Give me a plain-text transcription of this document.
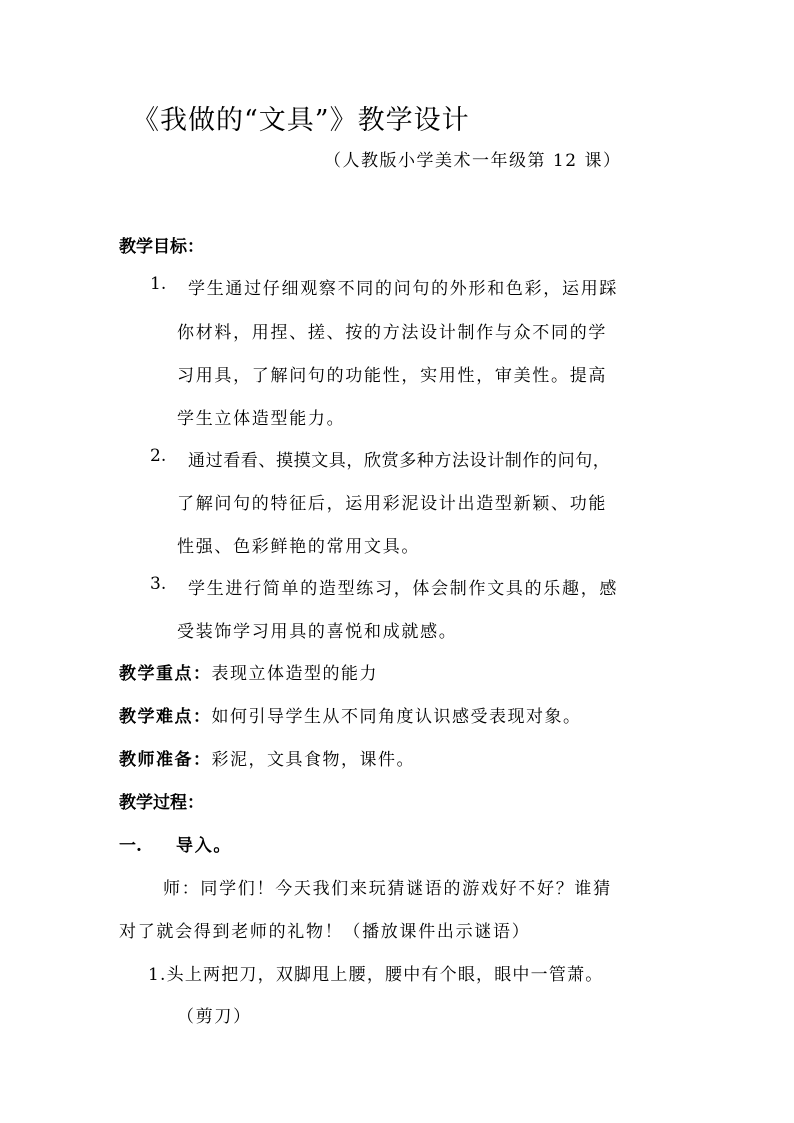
《我做的“文具”》教学设计
（人教版小学美术一年级第 12 课）
教学目标：
1. 学生通过仔细观察不同的问句的外形和色彩，运用踩
你材料，用捏、搓、按的方法设计制作与众不同的学
习用具，了解问句的功能性，实用性，审美性。提高
学生立体造型能力。
2. 通过看看、摸摸文具，欣赏多种方法设计制作的问句，
了解问句的特征后，运用彩泥设计出造型新颖、功能
性强、色彩鲜艳的常用文具。
3. 学生进行简单的造型练习，体会制作文具的乐趣，感
受装饰学习用具的喜悦和成就感。
教学重点：表现立体造型的能力
教学难点：如何引导学生从不同角度认识感受表现对象。
教师准备：彩泥，文具食物，课件。
教学过程：
一. 导入。
师：同学们！今天我们来玩猜谜语的游戏好不好？谁猜
对了就会得到老师的礼物！（播放课件出示谜语）
1.头上两把刀，双脚甩上腰，腰中有个眼，眼中一管萧。
（剪刀）
